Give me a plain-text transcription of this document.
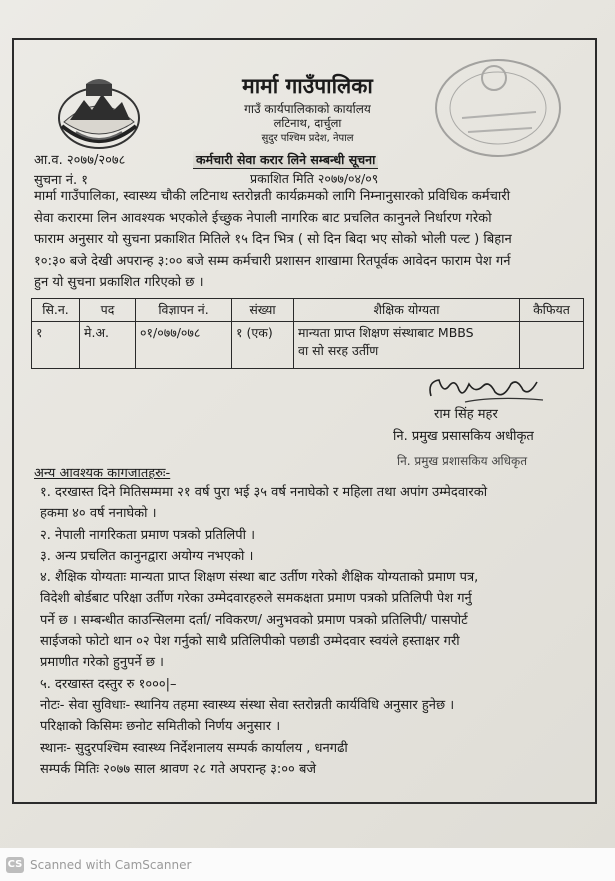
मार्मा गाउँपालिका
गाउँ कार्यपालिकाको कार्यालय
लटिनाथ, दार्चुला
सुदुर पश्चिम प्रदेश, नेपाल
आ.व. २०७७/२०७८	कर्मचारी सेवा करार लिने सम्बन्धी सूचना
सुचना नं. १	प्रकाशित मिति २०७७/०४/०९
मार्मा गाउँपालिका, स्वास्थ्य चौकी लटिनाथ स्तरोन्नती कार्यक्रमको लागि निम्नानुसारको प्रविधिक कर्मचारी
सेवा करारमा लिन आवश्यक भएकोले ईच्छुक नेपाली नागरिक बाट प्रचलित कानुनले निर्धारण गरेको
फाराम अनुसार यो सुचना प्रकाशित मितिले १५ दिन भित्र ( सो दिन बिदा भए सोको भोली पल्ट ) बिहान
१०:३० बजे देखी अपरान्ह ३:०० बजे सम्म कर्मचारी प्रशासन शाखामा रितपूर्वक आवेदन फाराम पेश गर्न
हुन यो सुचना प्रकाशित गरिएको छ ।
सि.न.	पद	विज्ञापन नं.	संख्या	शैक्षिक योग्यता	कैफियत
१	मे.अ.	०१/०७७/०७८	१ (एक)	मान्यता प्राप्त शिक्षण संस्थाबाट MBBS
वा सो सरह उर्तीण	

राम सिंह महर
नि. प्रमुख प्रसासकिय अधीकृत
नि. प्रमुख प्रशासकिय अधिकृत
अन्य आवश्यक कागजातहरुः-
१. दरखास्त दिने मितिसम्ममा २१ वर्ष पुरा भई ३५ वर्ष ननाघेको र महिला तथा अपांग उम्मेदवारको
हकमा ४० वर्ष ननाघेको ।
२. नेपाली नागरिकता प्रमाण पत्रको प्रतिलिपी ।
३. अन्य प्रचलित कानुनद्वारा अयोग्य नभएको ।
४. शैक्षिक योग्यताः मान्यता प्राप्त शिक्षण संस्था बाट उर्तीण गरेको शैक्षिक योग्यताको प्रमाण पत्र,
विदेशी बोर्डबाट परिक्षा उर्तीण गरेका उम्मेदवारहरुले समकक्षता प्रमाण पत्रको प्रतिलिपी पेश गर्नु
पर्ने छ । सम्बन्धीत काउन्सिलमा दर्ता/ नविकरण/ अनुभवको प्रमाण पत्रको प्रतिलिपी/ पासपोर्ट
साईजको फोटो थान ०२ पेश गर्नुको साथै प्रतिलिपीको पछाडी उम्मेदवार स्वयंले हस्ताक्षर गरी
प्रमाणीत गरेको हुनुपर्ने छ ।
५. दरखास्त दस्तुर रु १०००|–
नोटः- सेवा सुविधाः- स्थानिय तहमा स्वास्थ्य संस्था सेवा स्तरोन्नती कार्यविधि अनुसार हुनेछ ।
परिक्षाको किसिमः छनोट समितीको निर्णय अनुसार ।
स्थानः- सुदुरपश्चिम स्वास्थ्य निर्देशनालय सम्पर्क कार्यालय , धनगढी
सम्पर्क मितिः २०७७ साल श्रावण २८ गते अपरान्ह ३:०० बजे
CS Scanned with CamScanner
